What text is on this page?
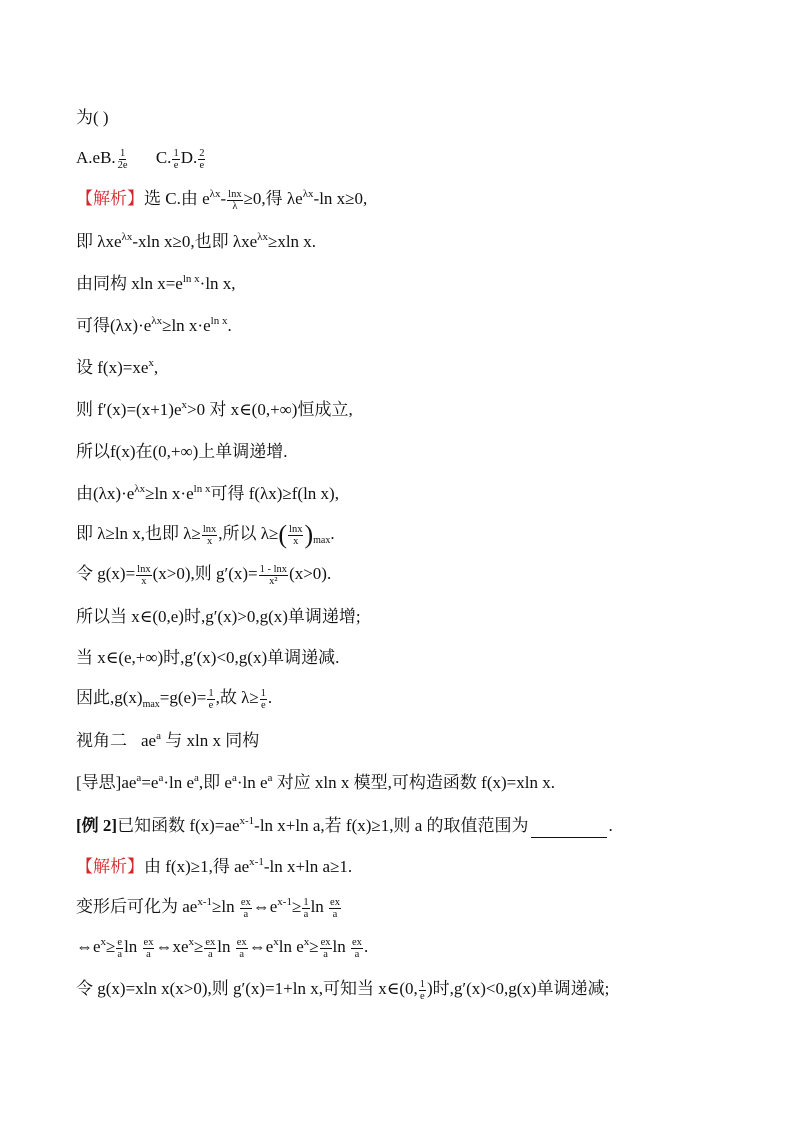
为( )
A.eB. $\frac{1}{2e} C$. $\frac{1}{e} D$. $\frac{2}{e}$
【解析】选 C.由 $e^{\lambda x}- \frac{\ln x}{\lambda} \ge 0$,得 $\lambda e^{\lambda x}-\ln$ x≥0,
即 λxe$^{\lambda x}$-xln x≥0,也即 λxe$^{\lambda x}$≥xln x.
由同构 xln $x=e^{ln x}\cdot\ln$ x,
可得$(\lambda x)\cdot e^{\lambda x}\ge\ln$ $x\cdot e^{ln x}$.
设 $f(x)=xe^x$,
则 $f'(x)=(x+1)e^x>0$ 对 x∈(0,+∞)恒成立,
所以f(x)在(0,+∞)上单调递增.
由$(\lambda x)\cdot e^{\lambda x}\ge\ln$ $x\cdot e^{ln x}$可得 f(λx)≥f(ln x),
即 λ≥ln x,也即 $\lambda\ge \frac{\ln x}{x}$ ,所以 $\lambda\ge( \frac{\ln x}{x} )_{max}$.
令 $g(x)= \frac{\ln x}{x} (x>0)$,则 $g'(x)= \frac{1 - \ln x}{\text{x²}} (x>0)$.
所以当 x∈(0,e)时,g′(x)>0,g(x)单调递增;
当 x∈(e,+∞)时,g′(x)<0,g(x)单调递减.
因此$,g(x)_{max}=g(e)= \frac{1}{e}$ ,故 $\lambda\ge \frac{1}{e}$ .
视角二 $ae^a$ 与 xln x 同构
[导思]$ae^a=e^a\cdot\ln$ $e^a$,即 $e^a\cdot\ln$ $e^a$ 对应 xln x 模型,可构造函数 f(x)=xln x.
[例 2]已知函数 $f(x)=ae^{x-1}-\ln$ x+ln a,若 f(x)≥1,则 a 的取值范围为	.
【解析】由 f(x)≥1,得 $ae^{x-1}-\ln$ x+ln a≥1.
变形后可化为 $ae^{x-1}\ge\ln \frac{ex}{a}$ $\Leftrightarrow e^{x-1}\ge \frac{1}{a}$ $\ln \frac{ex}{a}$
$\Leftrightarrow e^x\ge \frac{e}{a}$ $\ln \frac{ex}{a}$ $\Leftrightarrow xe^x\ge \frac{ex}{a}$ $\ln \frac{ex}{a}$ $\Leftrightarrow e^x\ln$ $e^x\ge \frac{ex}{a}$ $\ln \frac{ex}{a}$ .
令 g(x)=xln x(x>0),则 g′(x)=1+ln x,可知当 x∈(0, $\frac{1}{e}$ )时,g′(x)<0,g(x)单调递减;
